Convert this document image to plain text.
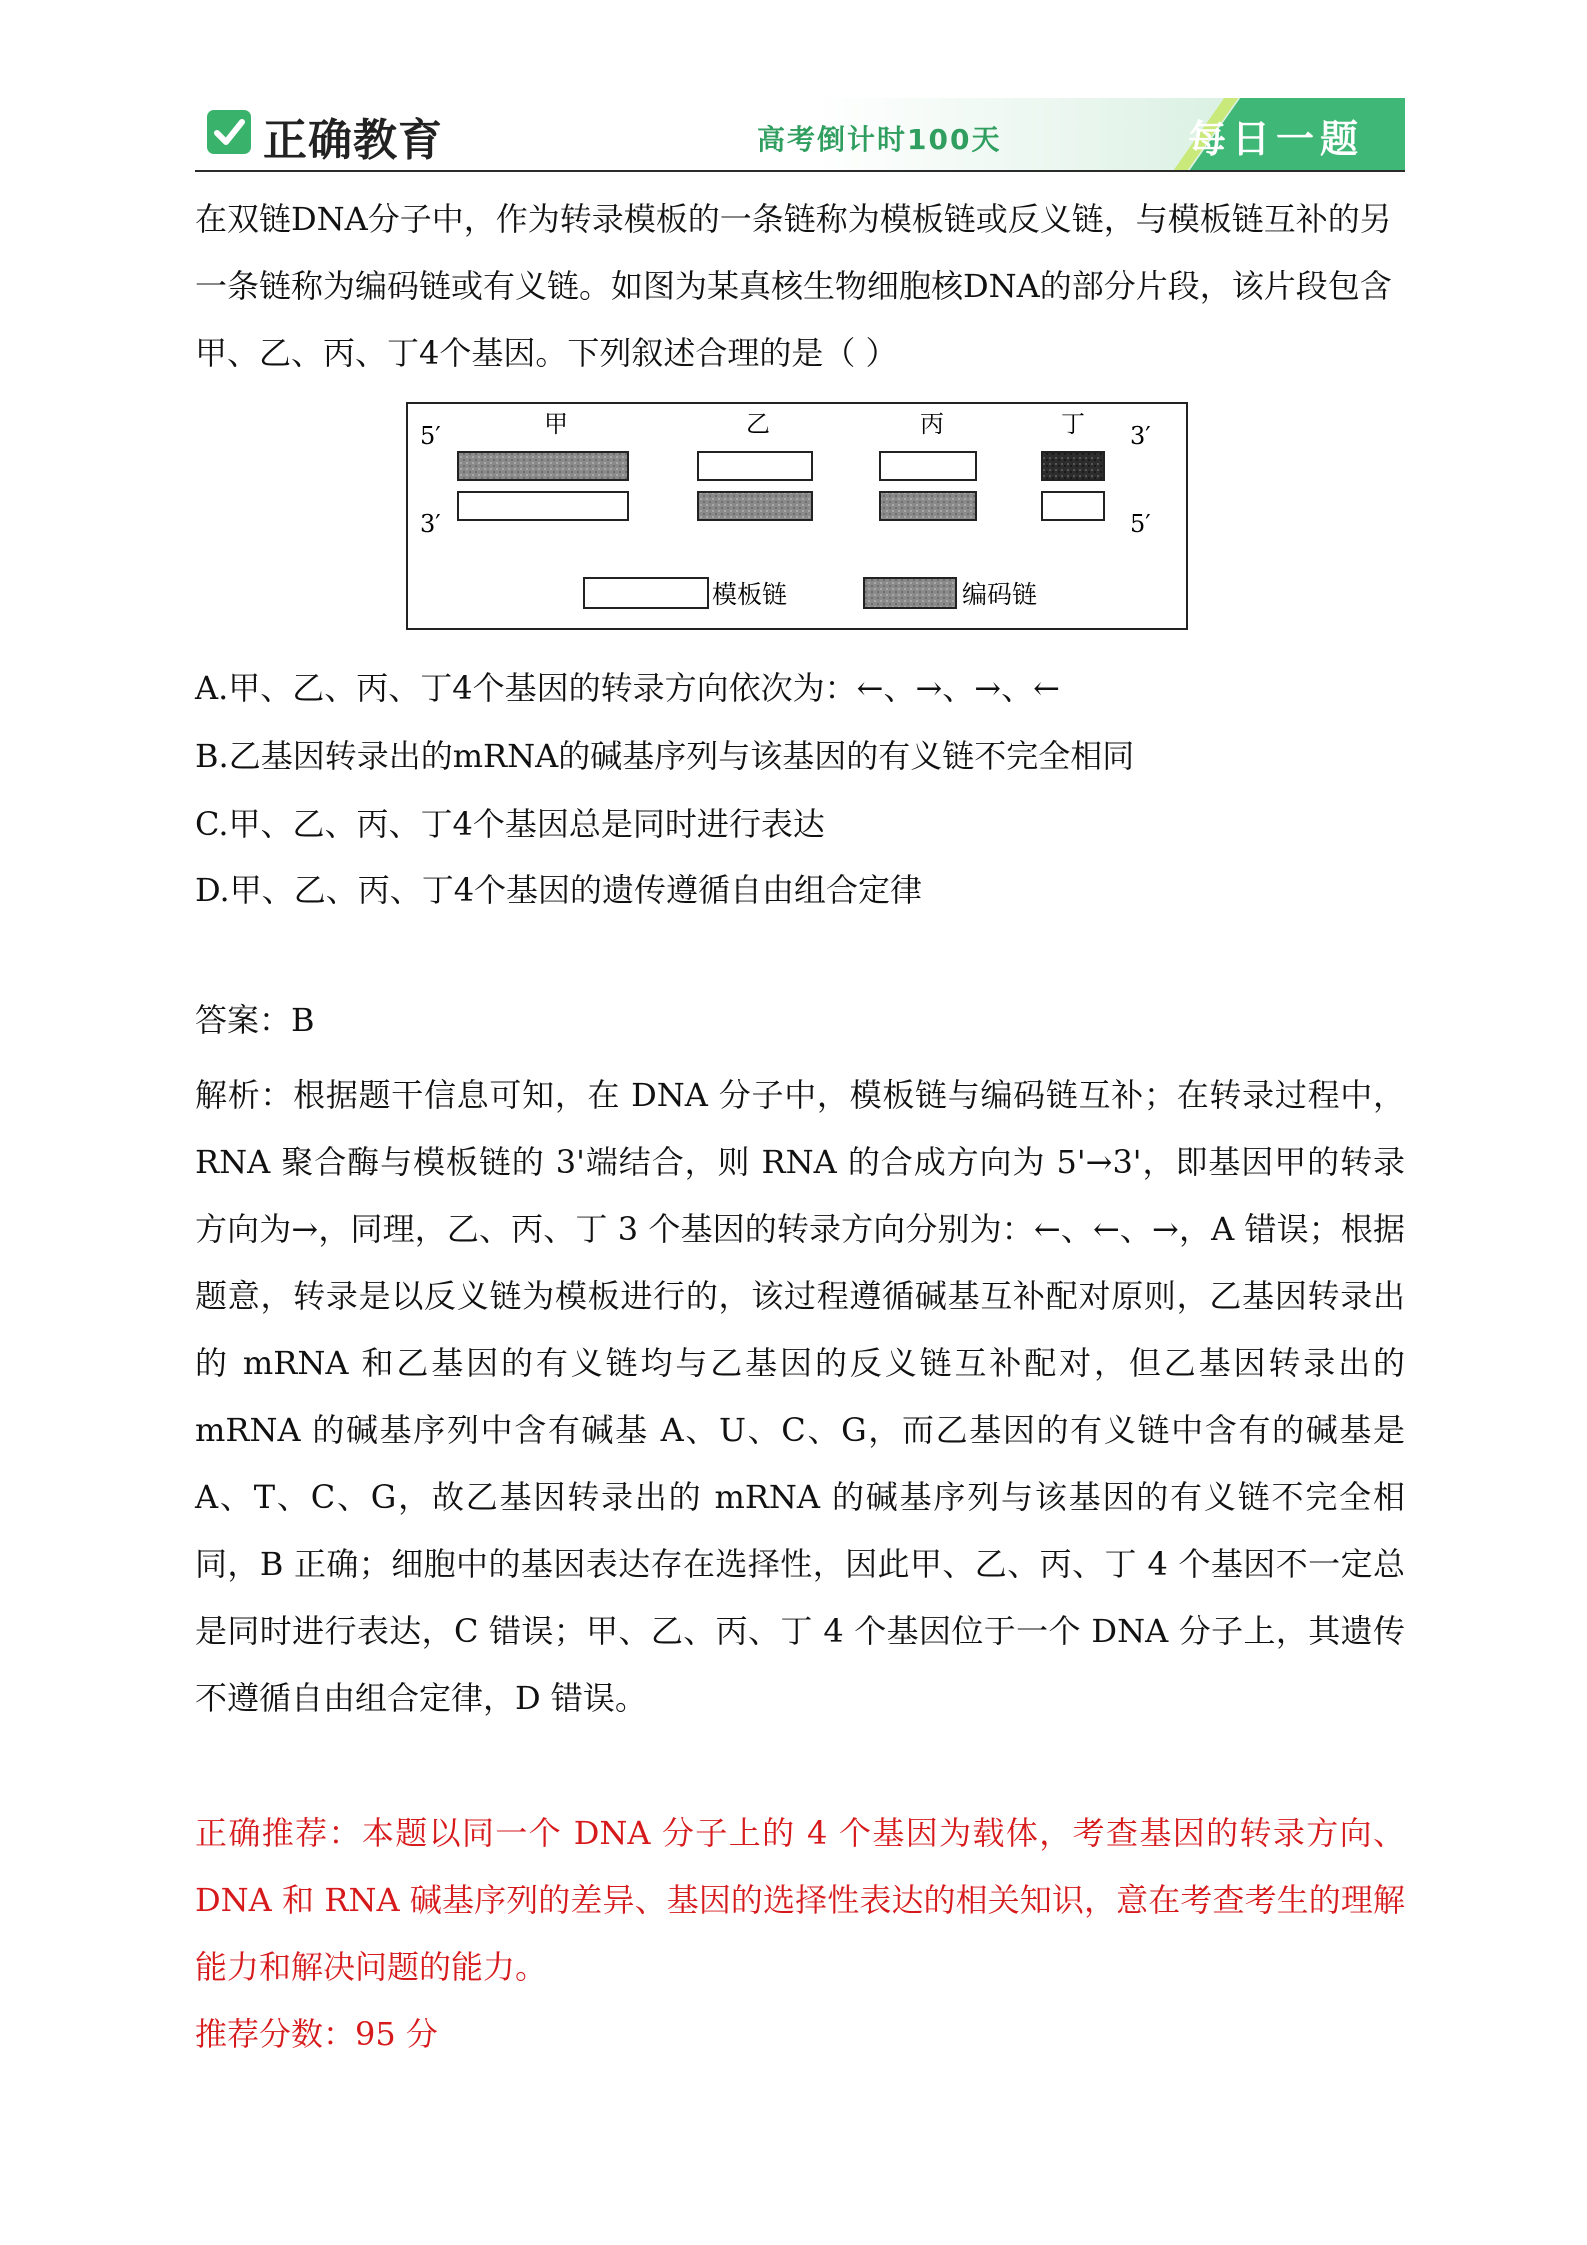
正确教育	高考倒计时100天	每日一题

在双链DNA分子中，作为转录模板的一条链称为模板链或反义链，与模板链互补的另一条链称为编码链或有义链。如图为某真核生物细胞核DNA的部分片段，该片段包含甲、乙、丙、丁4个基因。下列叙述合理的是（ ）

5′	3′
3′	5′
甲	乙	丙	丁
模板链	编码链
A.甲、乙、丙、丁4个基因的转录方向依次为：←、→、→、←
B.乙基因转录出的mRNA的碱基序列与该基因的有义链不完全相同
C.甲、乙、丙、丁4个基因总是同时进行表达
D.甲、乙、丙、丁4个基因的遗传遵循自由组合定律
答案：B

解析：根据题干信息可知，在 DNA 分子中，模板链与编码链互补；在转录过程中，RNA 聚合酶与模板链的 3'端结合，则 RNA 的合成方向为 5'→3'，即基因甲的转录方向为→，同理，乙、丙、丁 3 个基因的转录方向分别为：←、←、→，A 错误；根据题意，转录是以反义链为模板进行的，该过程遵循碱基互补配对原则，乙基因转录出的 mRNA 和乙基因的有义链均与乙基因的反义链互补配对，但乙基因转录出的 mRNA 的碱基序列中含有碱基 A、U、C、G，而乙基因的有义链中含有的碱基是 A、T、C、G，故乙基因转录出的 mRNA 的碱基序列与该基因的有义链不完全相同，B 正确；细胞中的基因表达存在选择性，因此甲、乙、丙、丁 4 个基因不一定总是同时进行表达，C 错误；甲、乙、丙、丁 4 个基因位于一个 DNA 分子上，其遗传不遵循自由组合定律，D 错误。

正确推荐：本题以同一个 DNA 分子上的 4 个基因为载体，考查基因的转录方向、DNA 和 RNA 碱基序列的差异、基因的选择性表达的相关知识，意在考查考生的理解能力和解决问题的能力。

推荐分数：95 分
